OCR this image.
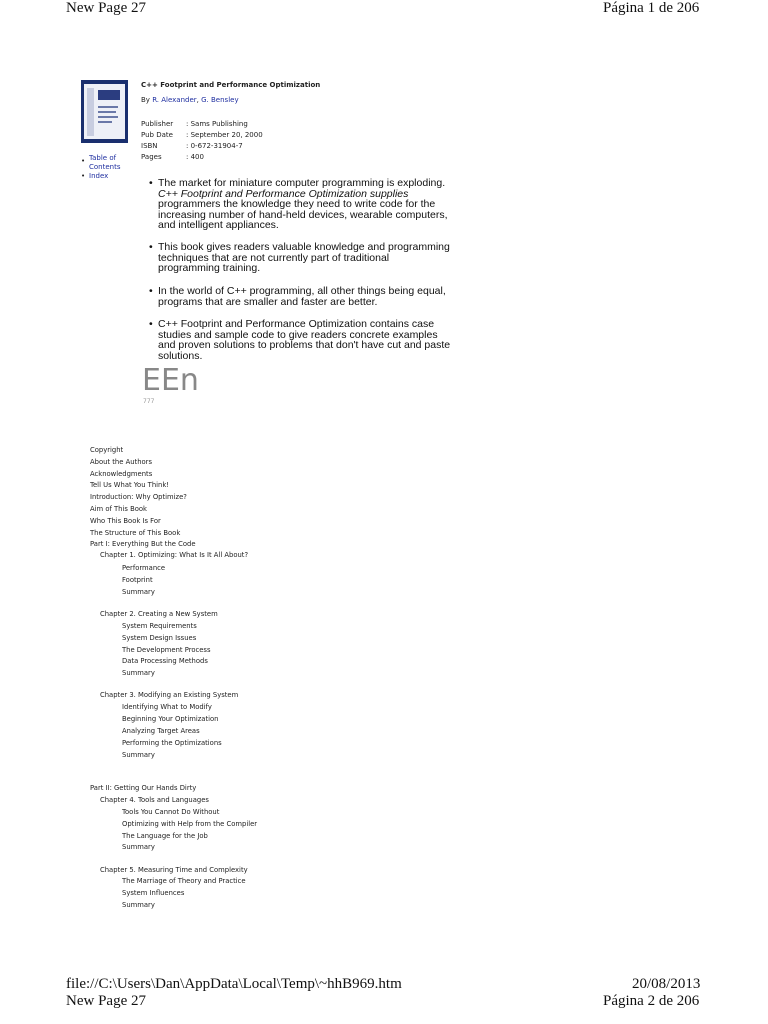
New Page 27	Página 1 de 206
C++ Footprint and Performance Optimization
By R. Alexander, G. Bensley
Publisher : Sams Publishing
Pub Date : September 20, 2000
ISBN	: 0-672-31904-7
Pages	: 400
• Table of
Contents
• Index
• The market for miniature computer programming is exploding.
C++ Footprint and Performance Optimization supplies
programmers the knowledge they need to write code for the
increasing number of hand-held devices, wearable computers,
and intelligent appliances.
• This book gives readers valuable knowledge and programming
techniques that are not currently part of traditional
programming training.
• In the world of C++ programming, all other things being equal,
programs that are smaller and faster are better.
• C++ Footprint and Performance Optimization contains case
studies and sample code to give readers concrete examples
and proven solutions to problems that don't have cut and paste
solutions.
EEn
777
Copyright
About the Authors
Acknowledgments
Tell Us What You Think!
Introduction: Why Optimize?
Aim of This Book
Who This Book Is For
The Structure of This Book
Part I: Everything But the Code
Chapter 1. Optimizing: What Is It All About?
Performance
Footprint
Summary
Chapter 2. Creating a New System
System Requirements
System Design Issues
The Development Process
Data Processing Methods
Summary
Chapter 3. Modifying an Existing System
Identifying What to Modify
Beginning Your Optimization
Analyzing Target Areas
Performing the Optimizations
Summary
Part II: Getting Our Hands Dirty
Chapter 4. Tools and Languages
Tools You Cannot Do Without
Optimizing with Help from the Compiler
The Language for the Job
Summary
Chapter 5. Measuring Time and Complexity
The Marriage of Theory and Practice
System Influences
Summary
file://C:\Users\Dan\AppData\Local\Temp\~hhB969.htm	20/08/2013
New Page 27	Página 2 de 206
